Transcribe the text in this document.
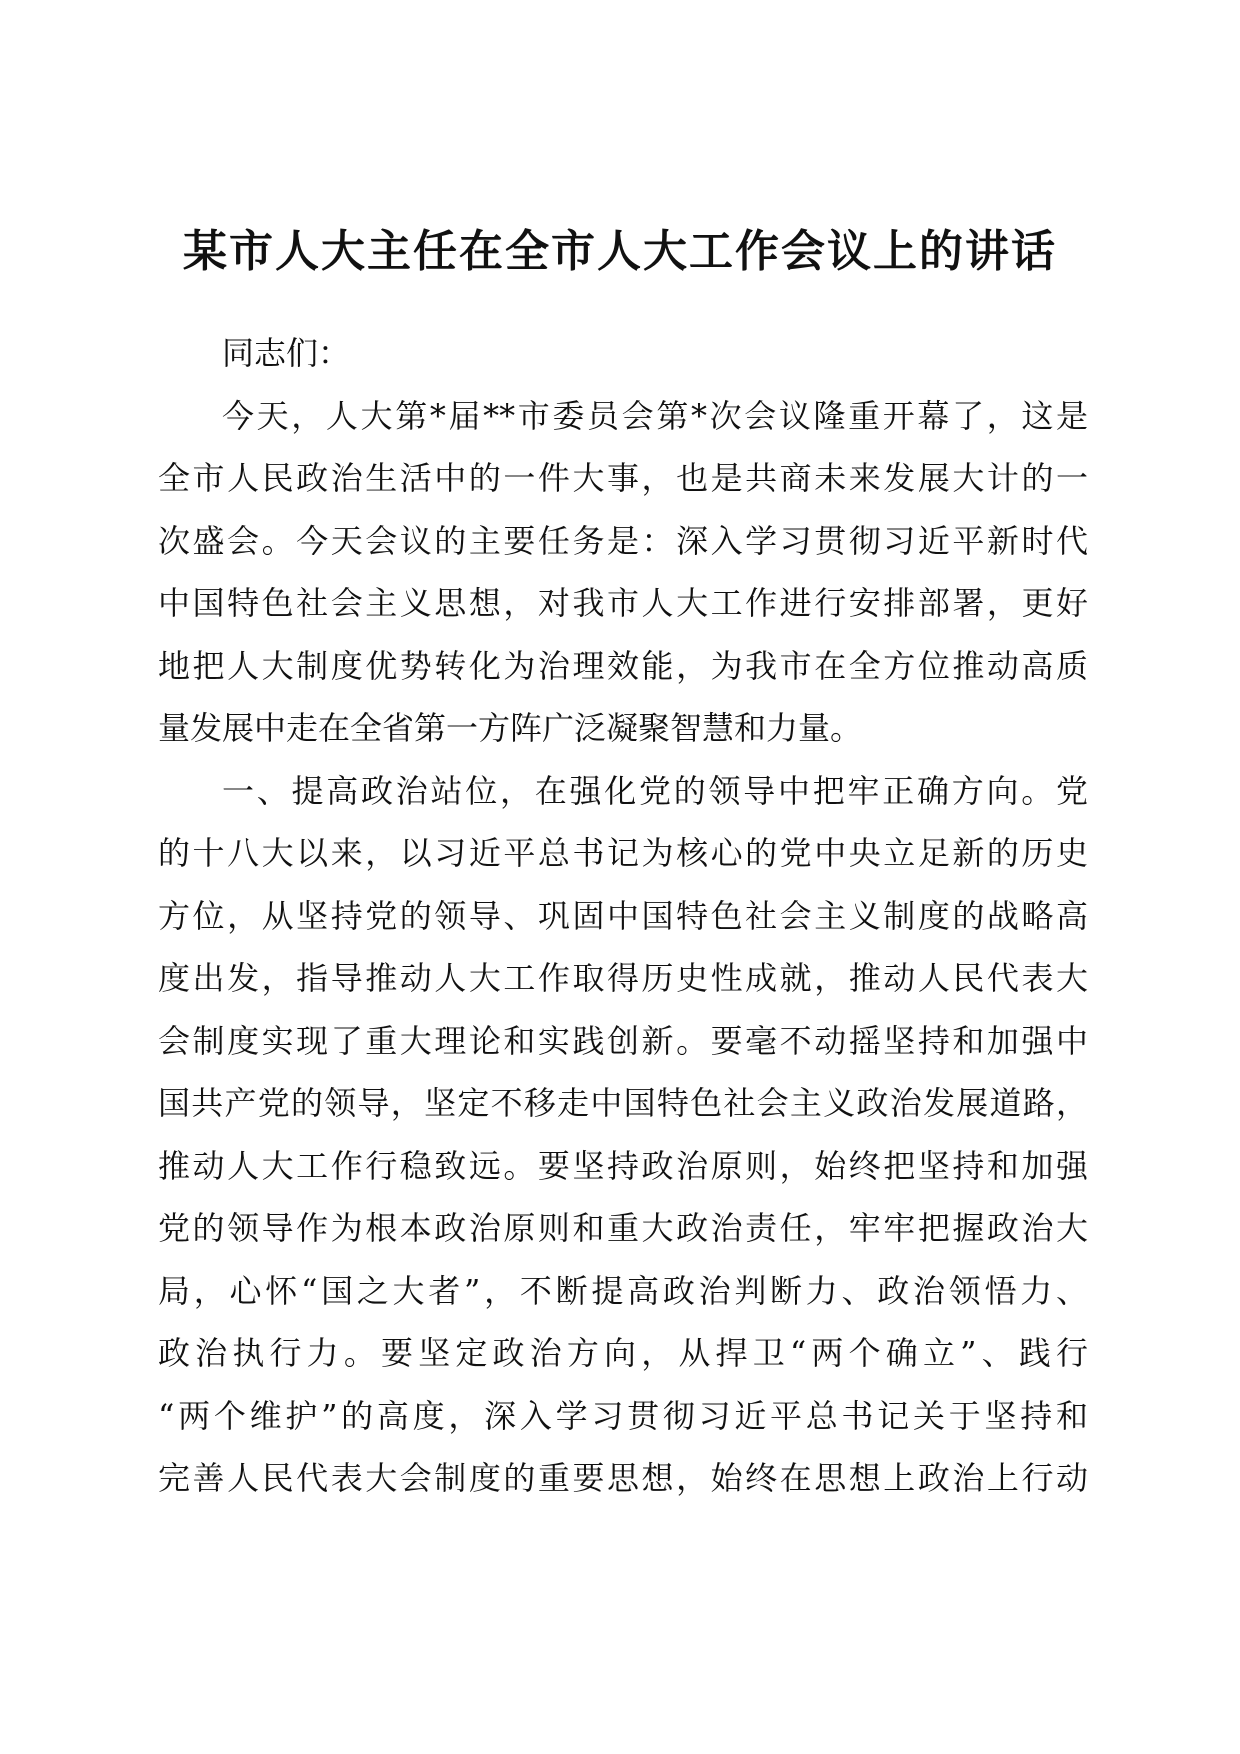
某市人大主任在全市人大工作会议上的讲话
同志们：
今天，人大第*届**市委员会第*次会议隆重开幕了，这是
全市人民政治生活中的一件大事，也是共商未来发展大计的一
次盛会。今天会议的主要任务是：深入学习贯彻习近平新时代
中国特色社会主义思想，对我市人大工作进行安排部署，更好
地把人大制度优势转化为治理效能，为我市在全方位推动高质
量发展中走在全省第一方阵广泛凝聚智慧和力量。
一、提高政治站位，在强化党的领导中把牢正确方向。党
的十八大以来，以习近平总书记为核心的党中央立足新的历史
方位，从坚持党的领导、巩固中国特色社会主义制度的战略高
度出发，指导推动人大工作取得历史性成就，推动人民代表大
会制度实现了重大理论和实践创新。要毫不动摇坚持和加强中
国共产党的领导，坚定不移走中国特色社会主义政治发展道路，
推动人大工作行稳致远。要坚持政治原则，始终把坚持和加强
党的领导作为根本政治原则和重大政治责任，牢牢把握政治大
局，心怀“国之大者”，不断提高政治判断力、政治领悟力、
政治执行力。要坚定政治方向，从捍卫“两个确立”、践行
“两个维护”的高度，深入学习贯彻习近平总书记关于坚持和
完善人民代表大会制度的重要思想，始终在思想上政治上行动
